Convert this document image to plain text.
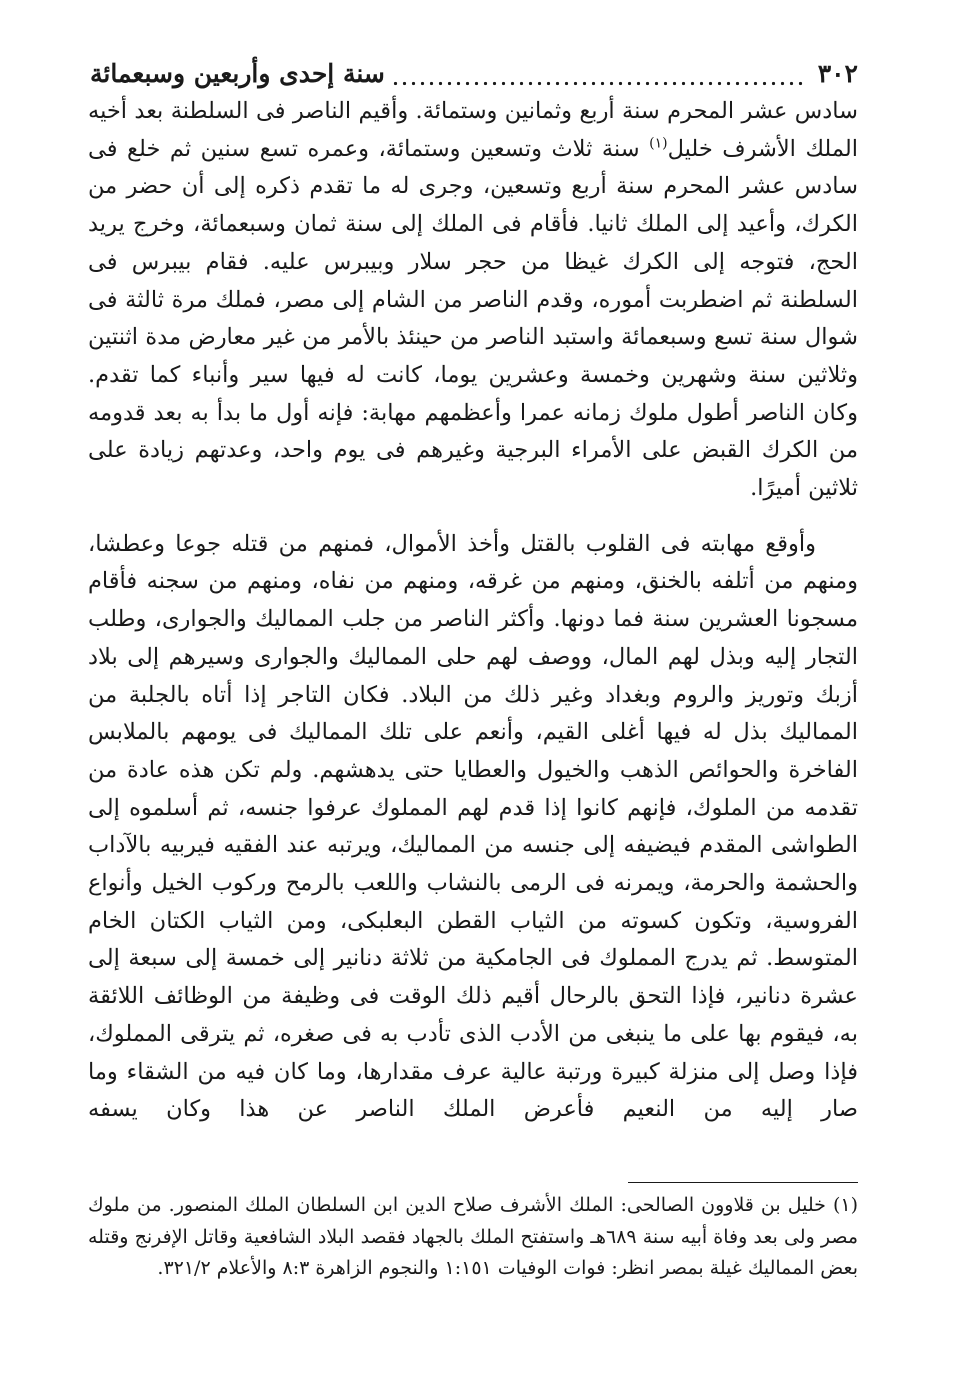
٣٠٢
سنة إحدى وأربعين وسبعمائة

سادس عشر المحرم سنة أربع وثمانين وستمائة. وأقيم الناصر فى السلطنة بعد أخيه الملك الأشرف خليل$^{(١)}$ سنة ثلاث وتسعين وستمائة، وعمره تسع سنين ثم خلع فى سادس عشر المحرم سنة أربع وتسعين، وجرى له ما تقدم ذكره إلى أن حضر من الكرك، وأعيد إلى الملك ثانيا. فأقام فى الملك إلى سنة ثمان وسبعمائة، وخرج يريد الحج، فتوجه إلى الكرك غيظا من حجر سلار وبيبرس عليه. فقام بيبرس فى السلطنة ثم اضطربت أموره، وقدم الناصر من الشام إلى مصر، فملك مرة ثالثة فى شوال سنة تسع وسبعمائة واستبد الناصر من حينئذ بالأمر من غير معارض مدة اثنتين وثلاثين سنة وشهرين وخمسة وعشرين يوما، كانت له فيها سير وأنباء كما تقدم. وكان الناصر أطول ملوك زمانه عمرا وأعظمهم مهابة: فإنه أول ما بدأ به بعد قدومه من الكرك القبض على الأمراء البرجية وغيرهم فى يوم واحد، وعدتهم زيادة على ثلاثين أميرًا.

وأوقع مهابته فى القلوب بالقتل وأخذ الأموال، فمنهم من قتله جوعا وعطشا، ومنهم من أتلفه بالخنق، ومنهم من غرقه، ومنهم من نفاه، ومنهم من سجنه فأقام مسجونا العشرين سنة فما دونها. وأكثر الناصر من جلب المماليك والجوارى، وطلب التجار إليه وبذل لهم المال، ووصف لهم حلى المماليك والجوارى وسيرهم إلى بلاد أزبك وتوريز والروم وبغداد وغير ذلك من البلاد. فكان التاجر إذا أتاه بالجلبة من المماليك بذل له فيها أغلى القيم، وأنعم على تلك المماليك فى يومهم بالملابس الفاخرة والحوائص الذهب والخيول والعطايا حتى يدهشهم. ولم تكن هذه عادة من تقدمه من الملوك، فإنهم كانوا إذا قدم لهم المملوك عرفوا جنسه، ثم أسلموه إلى الطواشى المقدم فيضيفه إلى جنسه من المماليك، ويرتبه عند الفقيه فيربيه بالآداب والحشمة والحرمة، ويمرنه فى الرمى بالنشاب واللعب بالرمح وركوب الخيل وأنواع الفروسية، وتكون كسوته من الثياب القطن البعلبكى، ومن الثياب الكتان الخام المتوسط. ثم يدرج المملوك فى الجامكية من ثلاثة دنانير إلى خمسة إلى سبعة إلى عشرة دنانير، فإذا التحق بالرحال أقيم ذلك الوقت فى وظيفة من الوظائف اللائقة به، فيقوم بها على ما ينبغى من الأدب الذى تأدب به فى صغره، ثم يترقى المملوك، فإذا وصل إلى منزلة كبيرة ورتبة عالية عرف مقدارها، وما كان فيه من الشقاء وما صار إليه من النعيم فأعرض الملك الناصر عن هذا وكان يسفه

(١) خليل بن قلاوون الصالحى: الملك الأشرف صلاح الدين ابن السلطان الملك المنصور. من ملوك مصر ولى بعد وفاة أبيه سنة ٦٨٩هـ واستفتح الملك بالجهاد فقصد البلاد الشافعية وقاتل الإفرنج وقتله بعض المماليك غيلة بمصر انظر: فوات الوفيات ١:١٥١ والنجوم الزاهرة ٨:٣ والأعلام ٣٢١/٢.
